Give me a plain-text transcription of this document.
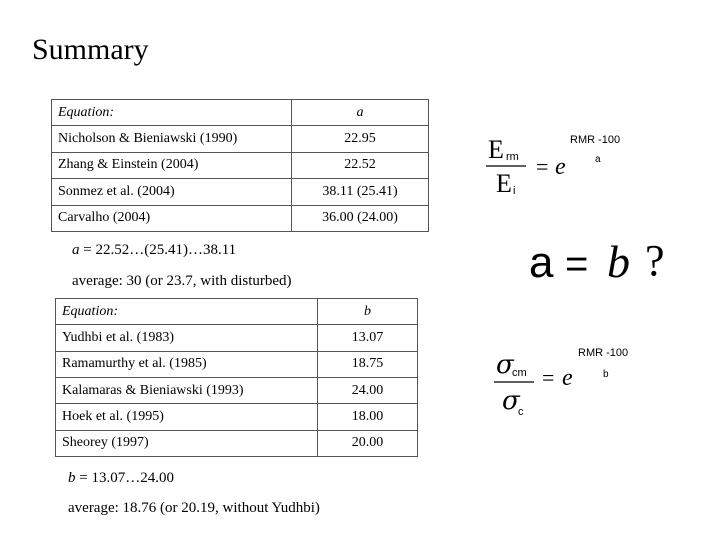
Summary
Equation:	a
Nicholson & Bieniawski (1990)	22.95
Zhang & Einstein (2004)	22.52
Sonmez et al. (2004)	38.11 (25.41)
Carvalho (2004)	36.00 (24.00)
a = 22.52…(25.41)…38.11
average: 30 (or 23.7, with disturbed)
Equation:	b
Yudhbi et al. (1983)	13.07
Ramamurthy et al. (1985)	18.75
Kalamaras & Bieniawski (1993)	24.00
Hoek et al. (1995)	18.00
Sheorey (1997)	20.00
b = 13.07…24.00
average: 18.76 (or 20.19, without Yudhbi)
E rm
E i
= e
RMR -100
a
a = b ?
σ
cm
σ
c
= e
RMR -100
b
